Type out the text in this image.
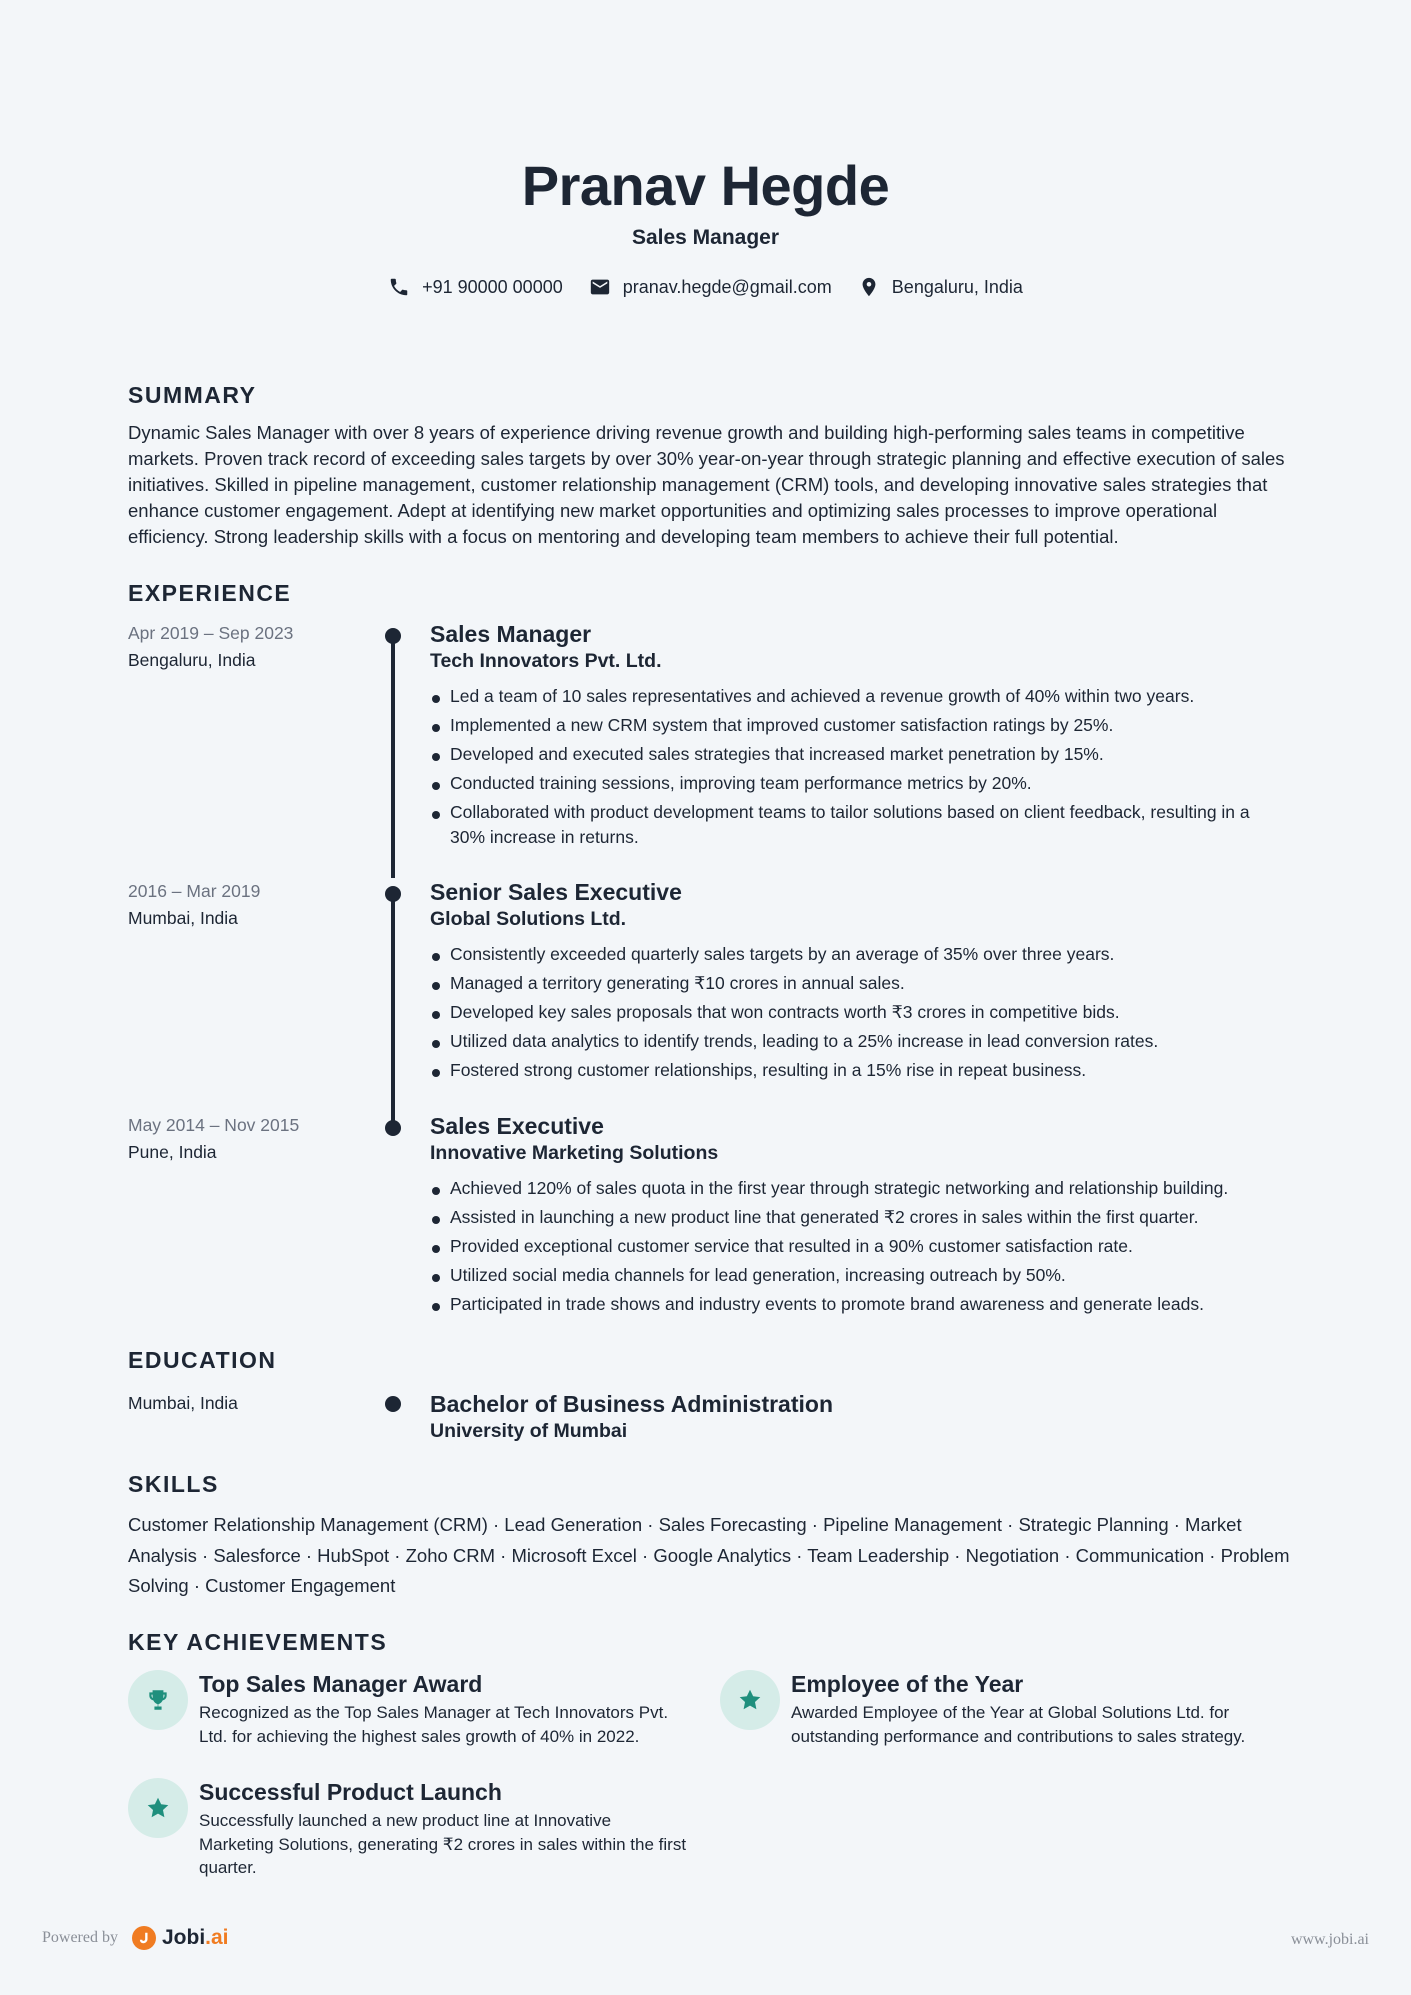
Pranav Hegde
Sales Manager
+91 90000 00000	pranav.hegde@gmail.com	Bengaluru, India
SUMMARY
Dynamic Sales Manager with over 8 years of experience driving revenue growth and building high-performing sales teams in competitive markets. Proven track record of exceeding sales targets by over 30% year-on-year through strategic planning and effective execution of sales initiatives. Skilled in pipeline management, customer relationship management (CRM) tools, and developing innovative sales strategies that enhance customer engagement. Adept at identifying new market opportunities and optimizing sales processes to improve operational efficiency. Strong leadership skills with a focus on mentoring and developing team members to achieve their full potential.
EXPERIENCE
Apr 2019 – Sep 2023
Bengaluru, India
Sales Manager
Tech Innovators Pvt. Ltd.
Led a team of 10 sales representatives and achieved a revenue growth of 40% within two years.
Implemented a new CRM system that improved customer satisfaction ratings by 25%.
Developed and executed sales strategies that increased market penetration by 15%.
Conducted training sessions, improving team performance metrics by 20%.
Collaborated with product development teams to tailor solutions based on client feedback, resulting in a 30% increase in returns.
2016 – Mar 2019
Mumbai, India
Senior Sales Executive
Global Solutions Ltd.
Consistently exceeded quarterly sales targets by an average of 35% over three years.
Managed a territory generating ₹10 crores in annual sales.
Developed key sales proposals that won contracts worth ₹3 crores in competitive bids.
Utilized data analytics to identify trends, leading to a 25% increase in lead conversion rates.
Fostered strong customer relationships, resulting in a 15% rise in repeat business.
May 2014 – Nov 2015
Pune, India
Sales Executive
Innovative Marketing Solutions
Achieved 120% of sales quota in the first year through strategic networking and relationship building.
Assisted in launching a new product line that generated ₹2 crores in sales within the first quarter.
Provided exceptional customer service that resulted in a 90% customer satisfaction rate.
Utilized social media channels for lead generation, increasing outreach by 50%.
Participated in trade shows and industry events to promote brand awareness and generate leads.
EDUCATION
Mumbai, India	Bachelor of Business Administration
University of Mumbai
SKILLS
Customer Relationship Management (CRM) · Lead Generation · Sales Forecasting · Pipeline Management · Strategic Planning · Market Analysis · Salesforce · HubSpot · Zoho CRM · Microsoft Excel · Google Analytics · Team Leadership · Negotiation · Communication · Problem Solving · Customer Engagement
KEY ACHIEVEMENTS
Top Sales Manager Award
Recognized as the Top Sales Manager at Tech Innovators Pvt. Ltd. for achieving the highest sales growth of 40% in 2022.
Employee of the Year
Awarded Employee of the Year at Global Solutions Ltd. for outstanding performance and contributions to sales strategy.
Successful Product Launch
Successfully launched a new product line at Innovative Marketing Solutions, generating ₹2 crores in sales within the first quarter.
Powered by Jobi.ai	www.jobi.ai
